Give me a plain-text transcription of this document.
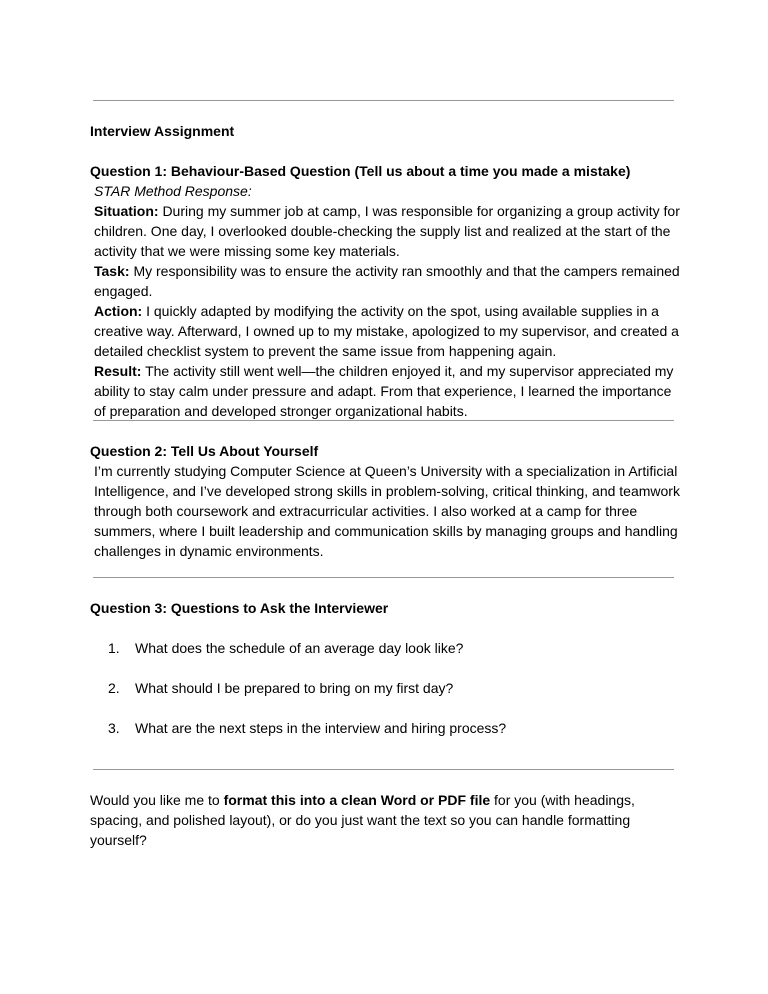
Interview Assignment

Question 1: Behaviour-Based Question (Tell us about a time you made a mistake)

STAR Method Response:

Situation: During my summer job at camp, I was responsible for organizing a group activity for children. One day, I overlooked double-checking the supply list and realized at the start of the activity that we were missing some key materials.

Task: My responsibility was to ensure the activity ran smoothly and that the campers remained engaged.

Action: I quickly adapted by modifying the activity on the spot, using available supplies in a creative way. Afterward, I owned up to my mistake, apologized to my supervisor, and created a detailed checklist system to prevent the same issue from happening again.

Result: The activity still went well—the children enjoyed it, and my supervisor appreciated my ability to stay calm under pressure and adapt. From that experience, I learned the importance of preparation and developed stronger organizational habits.

Question 2: Tell Us About Yourself

I’m currently studying Computer Science at Queen’s University with a specialization in Artificial Intelligence, and I’ve developed strong skills in problem-solving, critical thinking, and teamwork through both coursework and extracurricular activities. I also worked at a camp for three summers, where I built leadership and communication skills by managing groups and handling challenges in dynamic environments.

Question 3: Questions to Ask the Interviewer
1. What does the schedule of an average day look like?
2. What should I be prepared to bring on my first day?
3. What are the next steps in the interview and hiring process?
Would you like me to format this into a clean Word or PDF file for you (with headings, spacing, and polished layout), or do you just want the text so you can handle formatting yourself?
